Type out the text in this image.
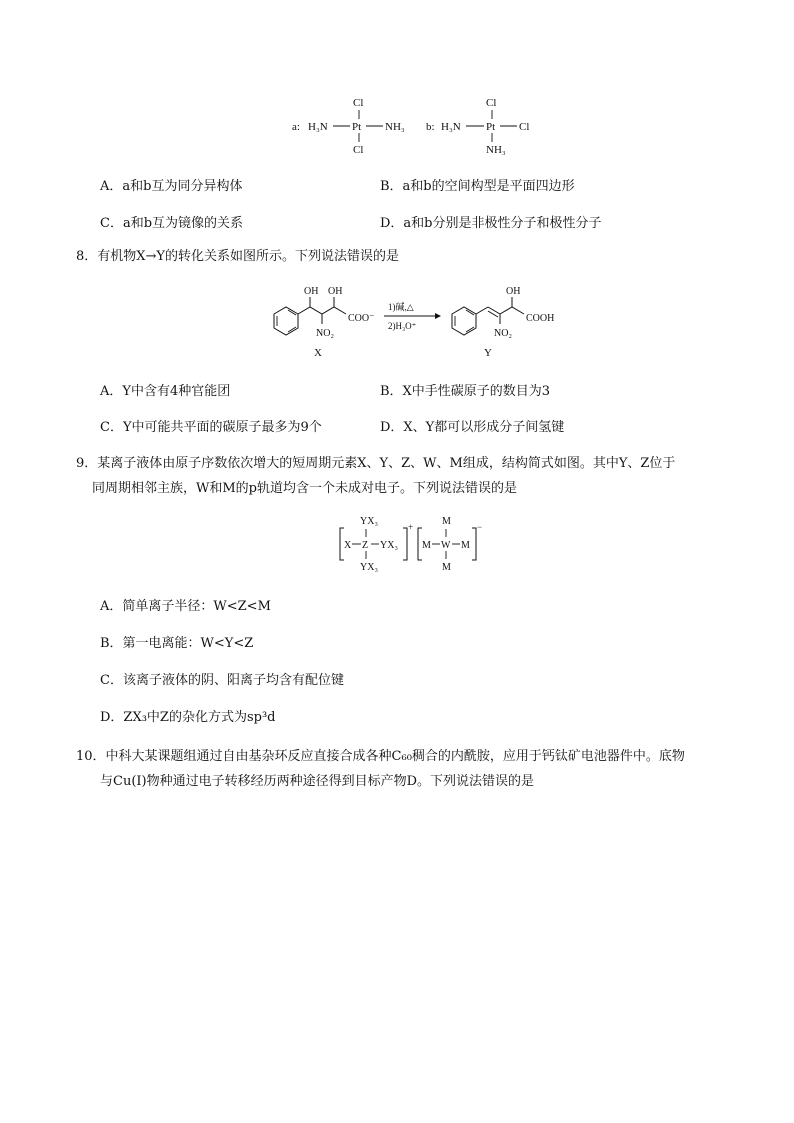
a: H₃N Pt NH₃
Cl
Cl
b: H₃N Pt Cl
Cl
NH₃
A．a和b互为同分异构体	B．a和b的空间构型是平面四边形
C．a和b互为镜像的关系	D．a和b分别是非极性分子和极性分子
8．有机物X→Y的转化关系如图所示。下列说法错误的是
OH OH
NO₂
COO⁻
X
1)碱,△
2)H₃O⁺
OH
NO₂
COOH
Y
A．Y中含有4种官能团	B．X中手性碳原子的数目为3
C．Y中可能共平面的碳原子最多为9个	D．X、Y都可以形成分子间氢键
9．某离子液体由原子序数依次增大的短周期元素X、Y、Z、W、M组成，结构简式如图。其中Y、Z位于
同周期相邻主族，W和M的p轨道均含一个未成对电子。下列说法错误的是
X Z YX₃
YX₃
YX₃
+
M W M
M
M
−
A．简单离子半径：W<Z<M
B．第一电离能：W<Y<Z
C．该离子液体的阴、阳离子均含有配位键
D．ZX₃中Z的杂化方式为sp³d
10．中科大某课题组通过自由基杂环反应直接合成各种C₆₀稠合的内酰胺，应用于钙钛矿电池器件中。底物
与Cu(Ⅰ)物种通过电子转移经历两种途径得到目标产物D。下列说法错误的是
